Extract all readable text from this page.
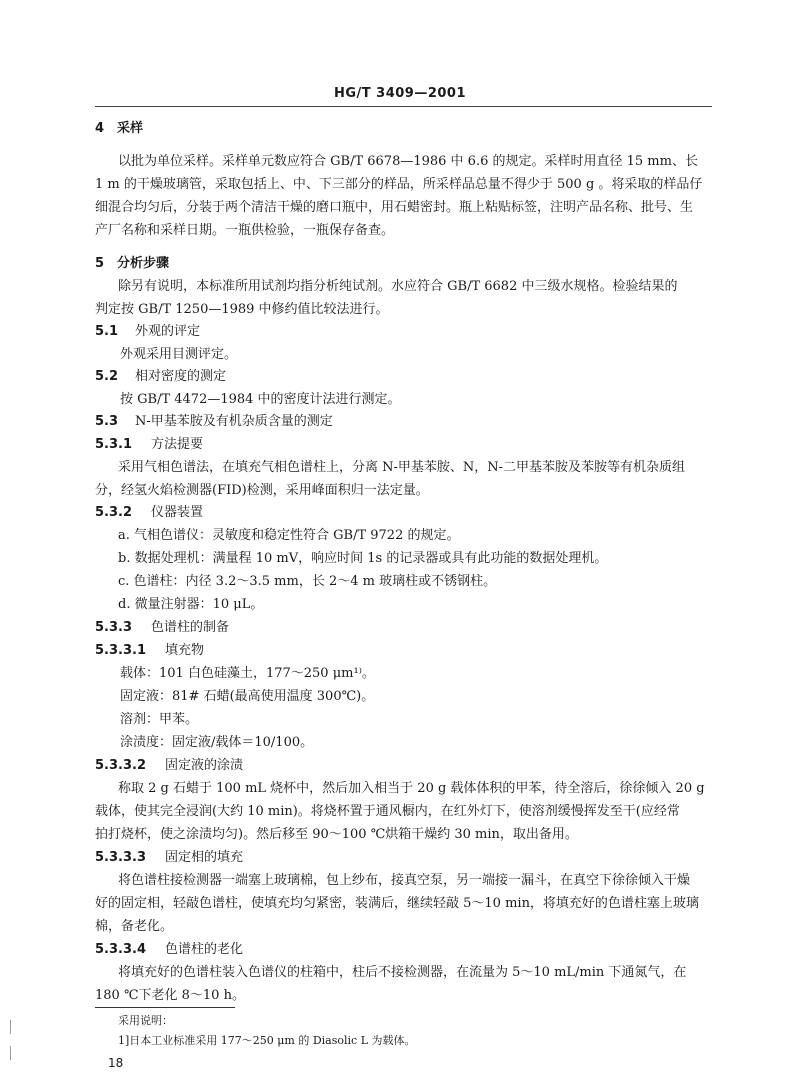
HG/T 3409—2001
4　采样
以批为单位采样。采样单元数应符合 GB/T 6678—1986 中 6.6 的规定。采样时用直径 15 mm、长
1 m 的干燥玻璃管，采取包括上、中、下三部分的样品，所采样品总量不得少于 500 g 。将采取的样品仔
细混合均匀后，分装于两个清洁干燥的磨口瓶中，用石蜡密封。瓶上粘贴标签，注明产品名称、批号、生
产厂名称和采样日期。一瓶供检验，一瓶保存备查。
5　分析步骤
除另有说明，本标准所用试剂均指分析纯试剂。水应符合 GB/T 6682 中三级水规格。检验结果的
判定按 GB/T 1250—1989 中修约值比较法进行。
5.1 外观的评定
外观采用目测评定。
5.2 相对密度的测定
按 GB/T 4472—1984 中的密度计法进行测定。
5.3 N-甲基苯胺及有机杂质含量的测定
5.3.1 方法提要
采用气相色谱法，在填充气相色谱柱上，分离 N-甲基苯胺、N，N-二甲基苯胺及苯胺等有机杂质组
分，经氢火焰检测器(FID)检测，采用峰面积归一法定量。
5.3.2 仪器装置
a. 气相色谱仪：灵敏度和稳定性符合 GB/T 9722 的规定。
b. 数据处理机：满量程 10 mV，响应时间 1s 的记录器或具有此功能的数据处理机。
c. 色谱柱：内径 3.2～3.5 mm，长 2～4 m 玻璃柱或不锈钢柱。
d. 微量注射器：10 μL。
5.3.3 色谱柱的制备
5.3.3.1 填充物
载体：101 白色硅藻土，177～250 μm¹⁾。
固定液：81# 石蜡(最高使用温度 300℃)。
溶剂：甲苯。
涂渍度：固定液/载体＝10/100。
5.3.3.2 固定液的涂渍
称取 2 g 石蜡于 100 mL 烧杯中，然后加入相当于 20 g 载体体积的甲苯，待全溶后，徐徐倾入 20 g
载体，使其完全浸润(大约 10 min)。将烧杯置于通风橱内，在红外灯下，使溶剂缓慢挥发至干(应经常
拍打烧杯，使之涂渍均匀)。然后移至 90～100 ℃烘箱干燥约 30 min，取出备用。
5.3.3.3 固定相的填充
将色谱柱接检测器一端塞上玻璃棉，包上纱布，接真空泵，另一端接一漏斗，在真空下徐徐倾入干燥
好的固定相，轻敲色谱柱，使填充均匀紧密，装满后，继续轻敲 5～10 min，将填充好的色谱柱塞上玻璃
棉，备老化。
5.3.3.4 色谱柱的老化
将填充好的色谱柱装入色谱仪的柱箱中，柱后不接检测器，在流量为 5～10 mL/min 下通氮气，在
180 ℃下老化 8～10 h。
采用说明：
1]日本工业标准采用 177～250 μm 的 Diasolic L 为载体。
18
